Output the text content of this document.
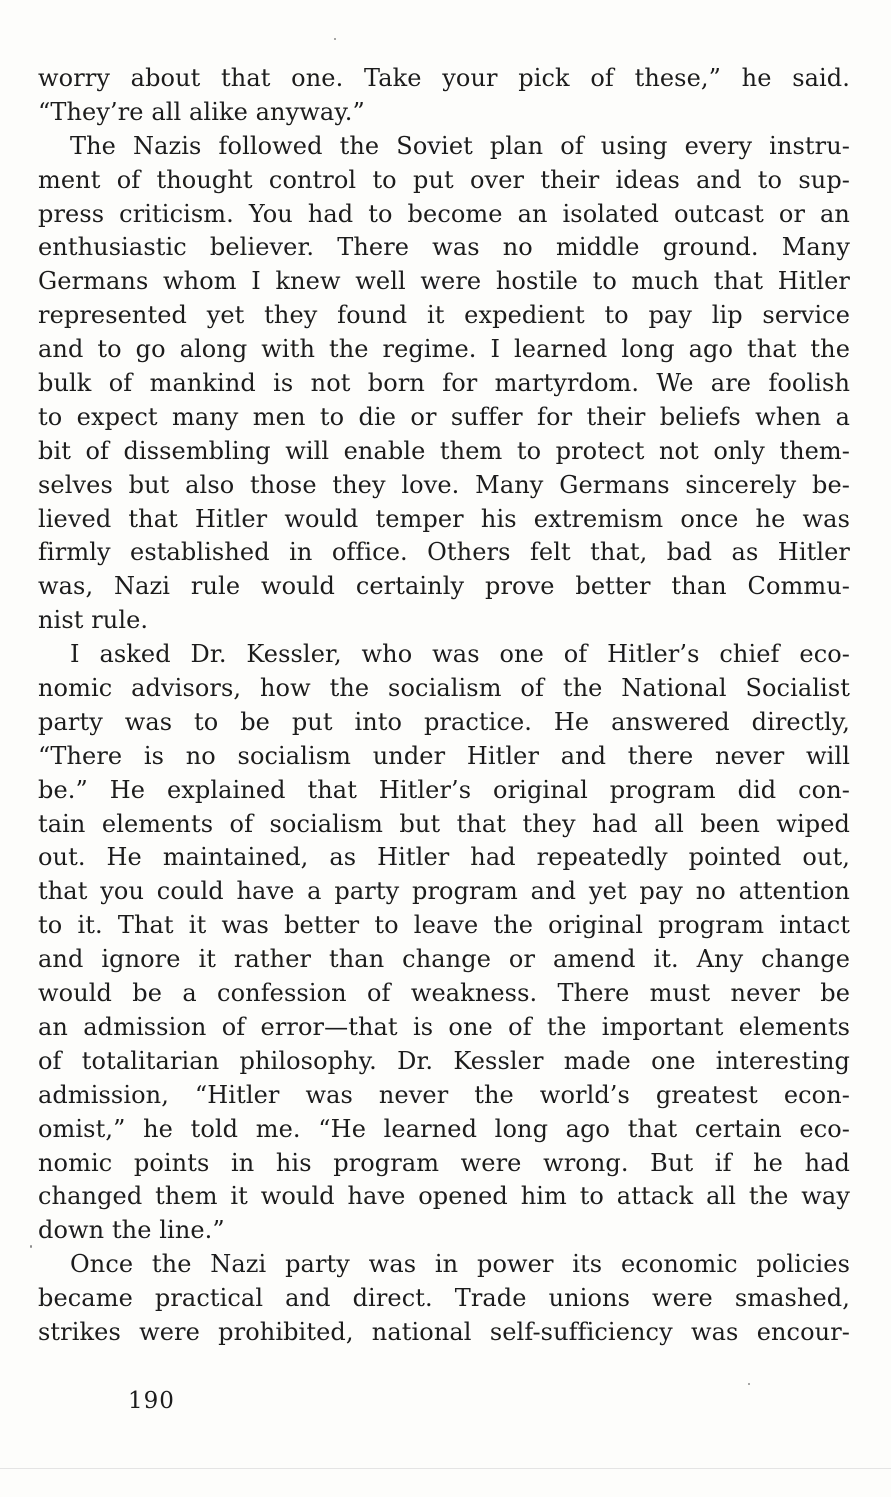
worry about that one. Take your pick of these,” he said.
“They’re all alike anyway.”
The Nazis followed the Soviet plan of using every instru-
ment of thought control to put over their ideas and to sup-
press criticism. You had to become an isolated outcast or an
enthusiastic believer. There was no middle ground. Many
Germans whom I knew well were hostile to much that Hitler
represented yet they found it expedient to pay lip service
and to go along with the regime. I learned long ago that the
bulk of mankind is not born for martyrdom. We are foolish
to expect many men to die or suffer for their beliefs when a
bit of dissembling will enable them to protect not only them-
selves but also those they love. Many Germans sincerely be-
lieved that Hitler would temper his extremism once he was
firmly established in office. Others felt that, bad as Hitler
was, Nazi rule would certainly prove better than Commu-
nist rule.
I asked Dr. Kessler, who was one of Hitler’s chief eco-
nomic advisors, how the socialism of the National Socialist
party was to be put into practice. He answered directly,
“There is no socialism under Hitler and there never will
be.” He explained that Hitler’s original program did con-
tain elements of socialism but that they had all been wiped
out. He maintained, as Hitler had repeatedly pointed out,
that you could have a party program and yet pay no attention
to it. That it was better to leave the original program intact
and ignore it rather than change or amend it. Any change
would be a confession of weakness. There must never be
an admission of error—that is one of the important elements
of totalitarian philosophy. Dr. Kessler made one interesting
admission, “Hitler was never the world’s greatest econ-
omist,” he told me. “He learned long ago that certain eco-
nomic points in his program were wrong. But if he had
changed them it would have opened him to attack all the way
down the line.”
Once the Nazi party was in power its economic policies
became practical and direct. Trade unions were smashed,
strikes were prohibited, national self-sufficiency was encour-
190
